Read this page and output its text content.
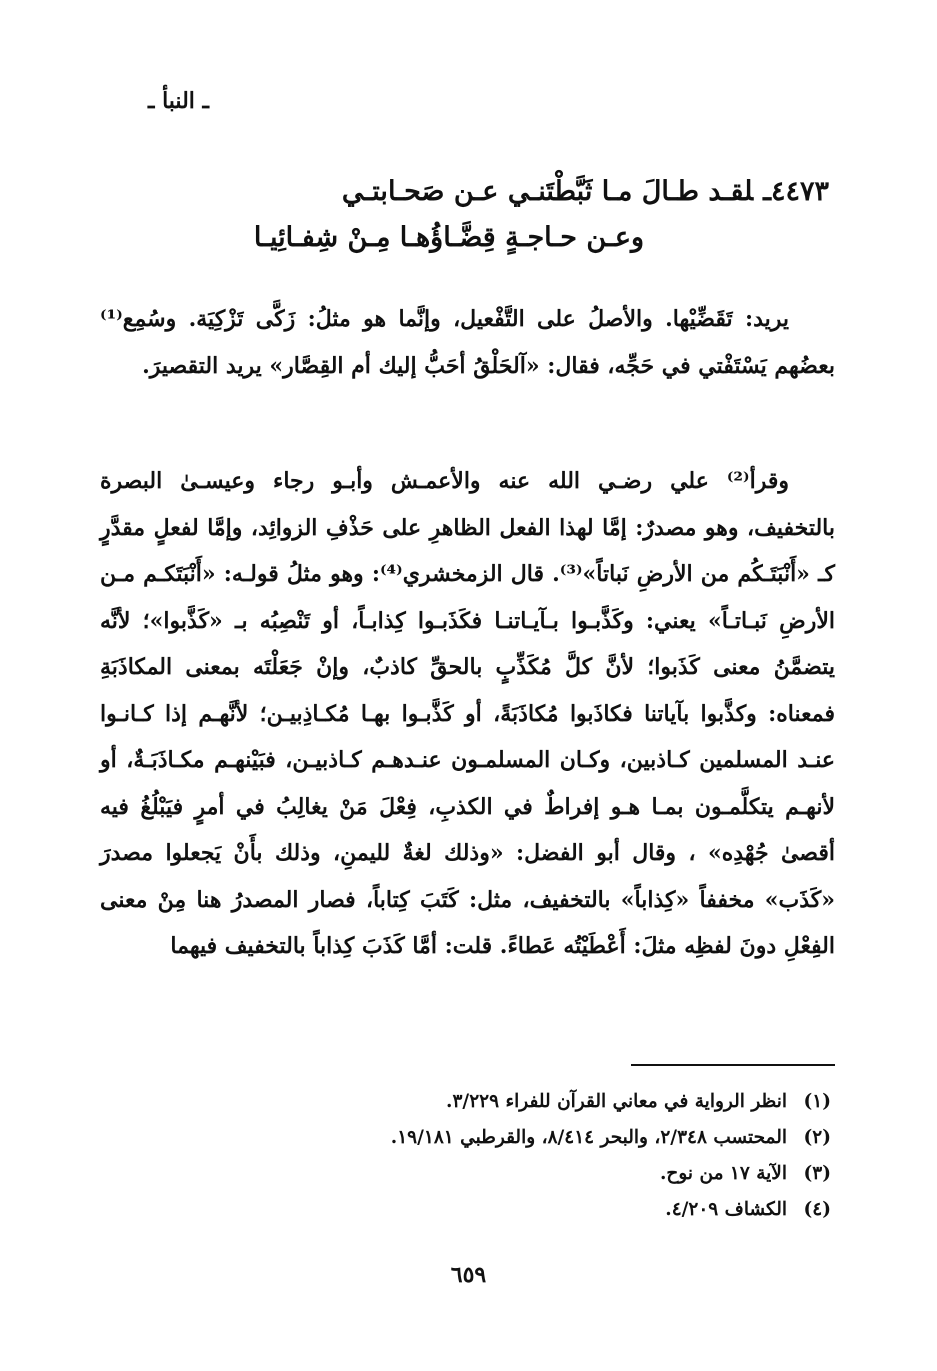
ـ النبأ ـ
٤٤٧٣ـلقـد طـالَ مـا ثَبَّطْتَنـي عـن صَحـابتـي
وعـن حـاجـةٍ قِضَّـاؤُهـا مِـنْ شِفـائِيـا
يريد: تَقَضِّيْها. والأصلُ على التَّفْعيل، وإنَّما هو مثلُ: زَكَّى تَزْكِيَة. وسُمِع⁽¹⁾ بعضُهم يَسْتَفْتي في حَجِّه، فقال: «آلحَلْقُ أحَبُّ إليك أم القِصَّار» يريد التقصيرَ.
وقرأ⁽²⁾ علي رضـي الله عنه والأعمـش وأبـو رجاء وعيسـىٰ البصرة بالتخفيف، وهو مصدرٌ: إمَّا لهذا الفعل الظاهرِ على حَذْفِ الزوائِد، وإمَّا لفعلٍ مقدَّرٍ كـ «أَنْبَتَـكُم من الأرضِ نَباتاً»⁽³⁾. قال الزمخشري⁽⁴⁾: وهو مثلُ قولـه: «أَنْبَتَكـم مـن الأرضِ نَبـاتـاً» يعني: وكَذَّبـوا بـآيـاتنـا فكَذَبـوا كِذابـاً، أو تَنْصِبُه بـ «كَذَّبوا»؛ لأنَّه يتضمَّنُ معنى كَذَبوا؛ لأنَّ كلَّ مُكَذِّبٍ بالحقِّ كاذبٌ، وإنْ جَعَلْتَه بمعنى المكاذَبَةِ فمعناه: وكذَّبوا بآياتنا فكاذَبوا مُكاذَبَةً، أو كَذَّبـوا بهـا مُكـاذِبيـن؛ لأنَّهـم إذا كـانـوا عنـد المسلمين كـاذبين، وكـان المسلمـون عنـدهـم كـاذبيـن، فبَيْنهـم مكـاذَبَـةٌ، أو لأنهـم يتكلَّمـون بمـا هـو إفراطٌ في الكذبِ، فِعْلَ مَنْ يغالِبُ في أمرٍ فيَبْلُغُ فيه أقصىٰ جُهْدِه» ، وقال أبو الفضل: «وذلك لغةٌ لليمنِ، وذلك بأَنْ يَجعلوا مصدرَ «كَذَب» مخففاً «كِذاباً» بالتخفيف، مثل: كَتَبَ كِتاباً، فصار المصدرُ هنا مِنْ معنى الفِعْلِ دونَ لفظِه مثلَ: أَعْطَيْتُه عَطاءً. قلت: أمَّا كَذَبَ كِذاباً بالتخفيف فيهما
(١)انظر الرواية في معاني القرآن للفراء ٣/٢٢٩.
(٢)المحتسب ٢/٣٤٨، والبحر ٨/٤١٤، والقرطبي ١٩/١٨١.
(٣)الآية ١٧ من نوح.
(٤)الكشاف ٤/٢٠٩.
٦٥٩
